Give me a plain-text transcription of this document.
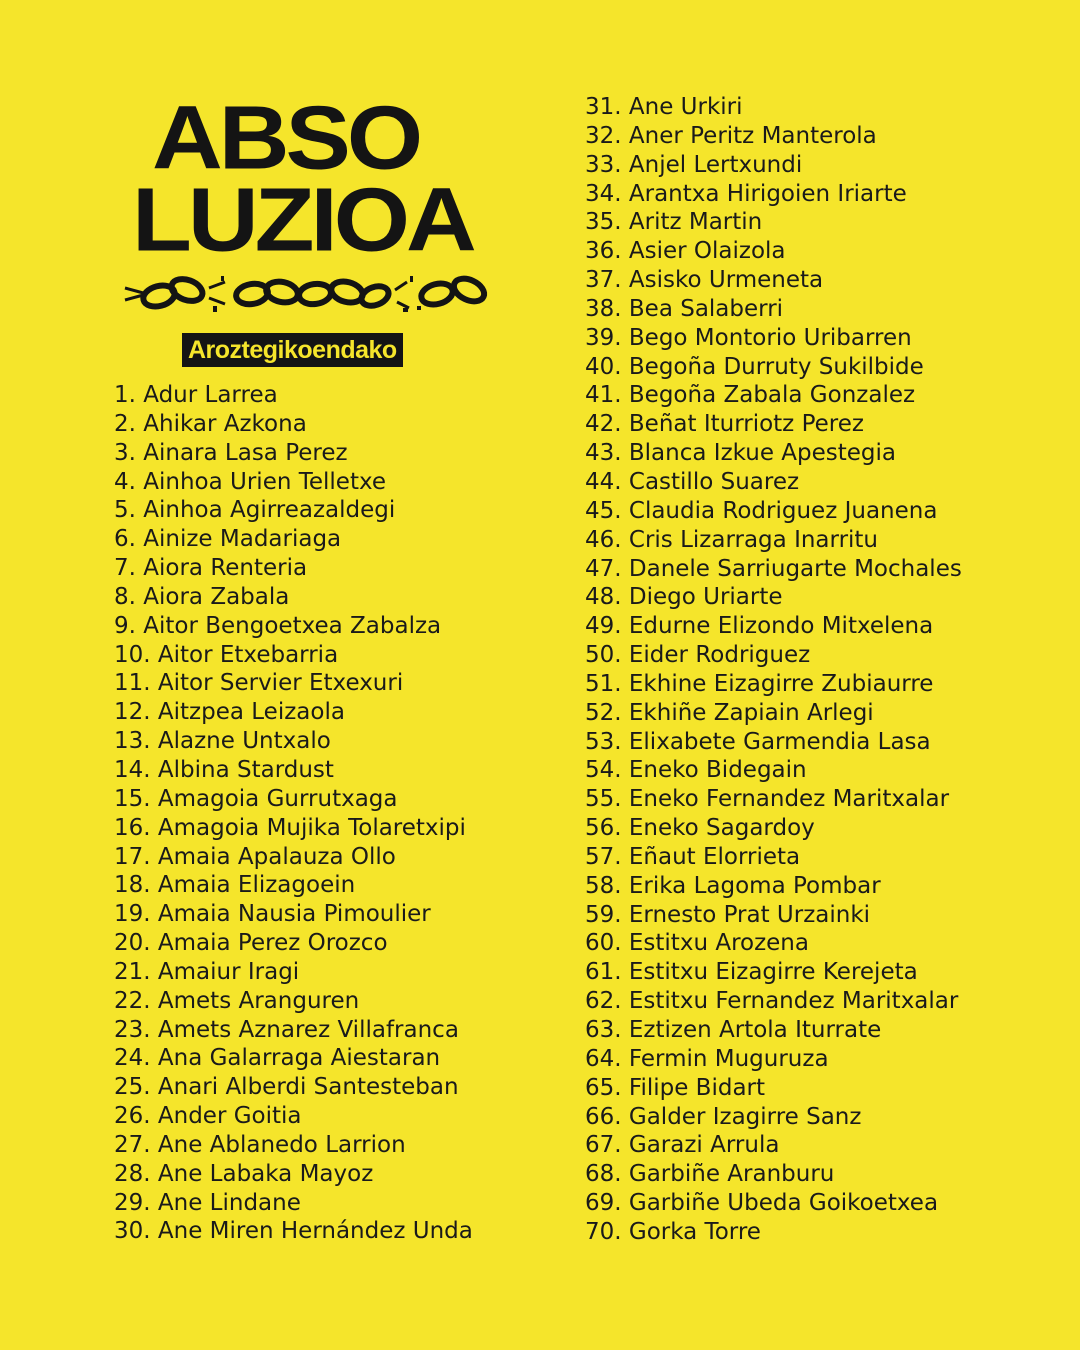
ABSO

LUZIOA

Aroztegikoendako
1. Adur Larrea
2. Ahikar Azkona
3. Ainara Lasa Perez
4. Ainhoa Urien Telletxe
5. Ainhoa Agirreazaldegi
6. Ainize Madariaga
7. Aiora Renteria
8. Aiora Zabala
9. Aitor Bengoetxea Zabalza
10. Aitor Etxebarria
11. Aitor Servier Etxexuri
12. Aitzpea Leizaola
13. Alazne Untxalo
14. Albina Stardust
15. Amagoia Gurrutxaga
16. Amagoia Mujika Tolaretxipi
17. Amaia Apalauza Ollo
18. Amaia Elizagoein
19. Amaia Nausia Pimoulier
20. Amaia Perez Orozco
21. Amaiur Iragi
22. Amets Aranguren
23. Amets Aznarez Villafranca
24. Ana Galarraga Aiestaran
25. Anari Alberdi Santesteban
26. Ander Goitia
27. Ane Ablanedo Larrion
28. Ane Labaka Mayoz
29. Ane Lindane
30. Ane Miren Hernández Unda
31. Ane Urkiri
32. Aner Peritz Manterola
33. Anjel Lertxundi
34. Arantxa Hirigoien Iriarte
35. Aritz Martin
36. Asier Olaizola
37. Asisko Urmeneta
38. Bea Salaberri
39. Bego Montorio Uribarren
40. Begoña Durruty Sukilbide
41. Begoña Zabala Gonzalez
42. Beñat Iturriotz Perez
43. Blanca Izkue Apestegia
44. Castillo Suarez
45. Claudia Rodriguez Juanena
46. Cris Lizarraga Inarritu
47. Danele Sarriugarte Mochales
48. Diego Uriarte
49. Edurne Elizondo Mitxelena
50. Eider Rodriguez
51. Ekhine Eizagirre Zubiaurre
52. Ekhiñe Zapiain Arlegi
53. Elixabete Garmendia Lasa
54. Eneko Bidegain
55. Eneko Fernandez Maritxalar
56. Eneko Sagardoy
57. Eñaut Elorrieta
58. Erika Lagoma Pombar
59. Ernesto Prat Urzainki
60. Estitxu Arozena
61. Estitxu Eizagirre Kerejeta
62. Estitxu Fernandez Maritxalar
63. Eztizen Artola Iturrate
64. Fermin Muguruza
65. Filipe Bidart
66. Galder Izagirre Sanz
67. Garazi Arrula
68. Garbiñe Aranburu
69. Garbiñe Ubeda Goikoetxea
70. Gorka Torre
